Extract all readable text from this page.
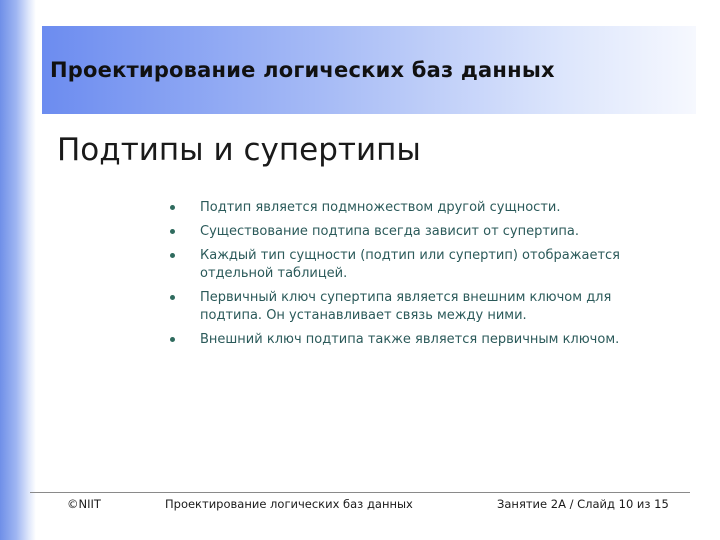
Проектирование логических баз данных
Подтипы и супертипы
Подтип является подмножеством другой сущности.
Существование подтипа всегда зависит от супертипа.
Каждый тип сущности (подтип или супертип) отображается отдельной таблицей.
Первичный ключ супертипа является внешним ключом для подтипа. Он устанавливает связь между ними.
Внешний ключ подтипа также является первичным ключом.

©NIIT	Проектирование логических баз данных	Занятие 2A / Слайд 10 из 15
